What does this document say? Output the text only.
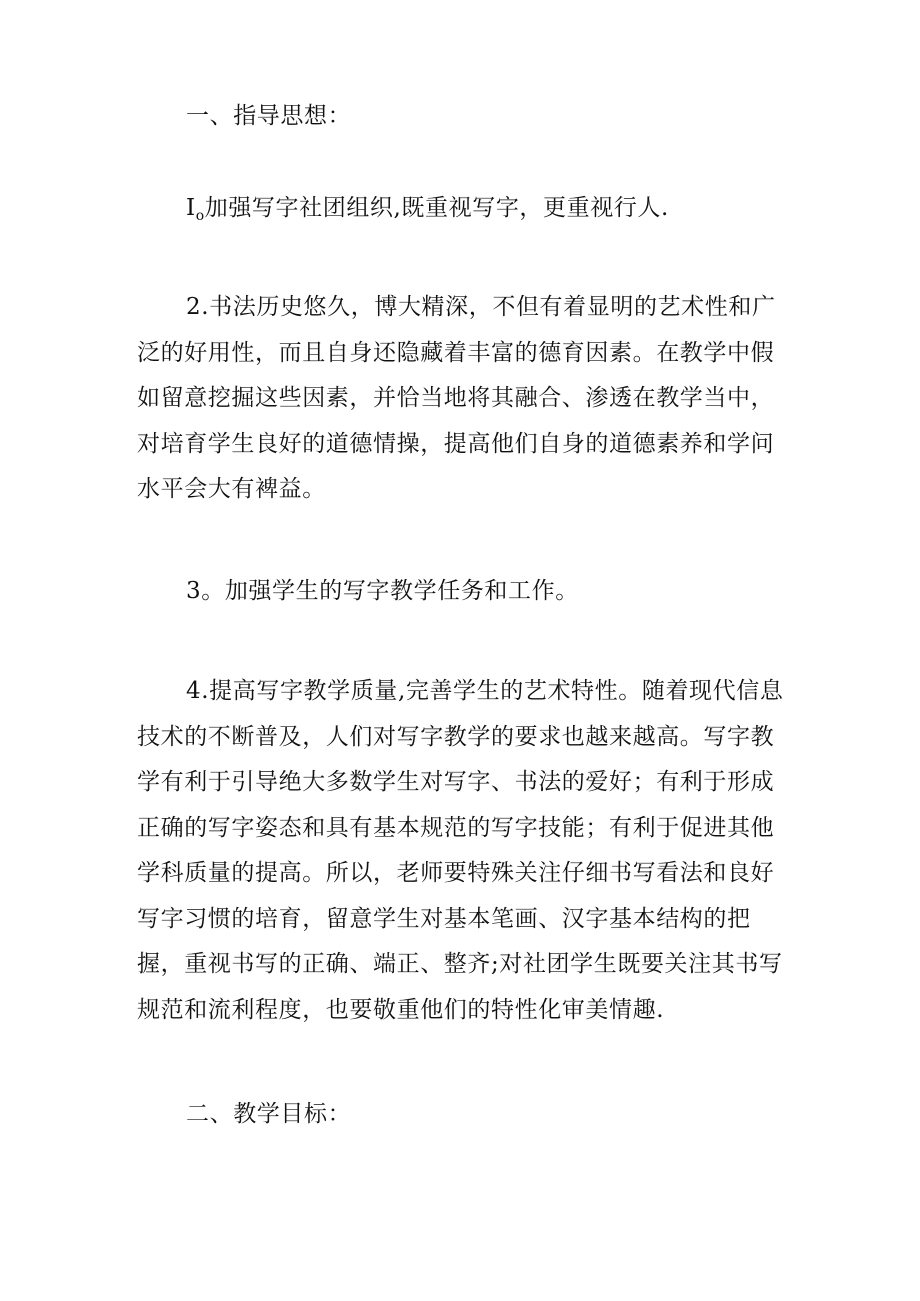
一、指导思想：

$I_o$加强写字社团组织,既重视写字，更重视行人.

2.书法历史悠久，博大精深，不但有着显明的艺术性和广泛的好用性，而且自身还隐藏着丰富的德育因素。在教学中假如留意挖掘这些因素，并恰当地将其融合、渗透在教学当中，对培育学生良好的道德情操，提高他们自身的道德素养和学问水平会大有裨益。

3。加强学生的写字教学任务和工作。

4.提高写字教学质量,完善学生的艺术特性。随着现代信息技术的不断普及，人们对写字教学的要求也越来越高。写字教学有利于引导绝大多数学生对写字、书法的爱好；有利于形成正确的写字姿态和具有基本规范的写字技能；有利于促进其他学科质量的提高。所以，老师要特殊关注仔细书写看法和良好写字习惯的培育，留意学生对基本笔画、汉字基本结构的把握，重视书写的正确、端正、整齐;对社团学生既要关注其书写规范和流利程度，也要敬重他们的特性化审美情趣.

二、教学目标：
